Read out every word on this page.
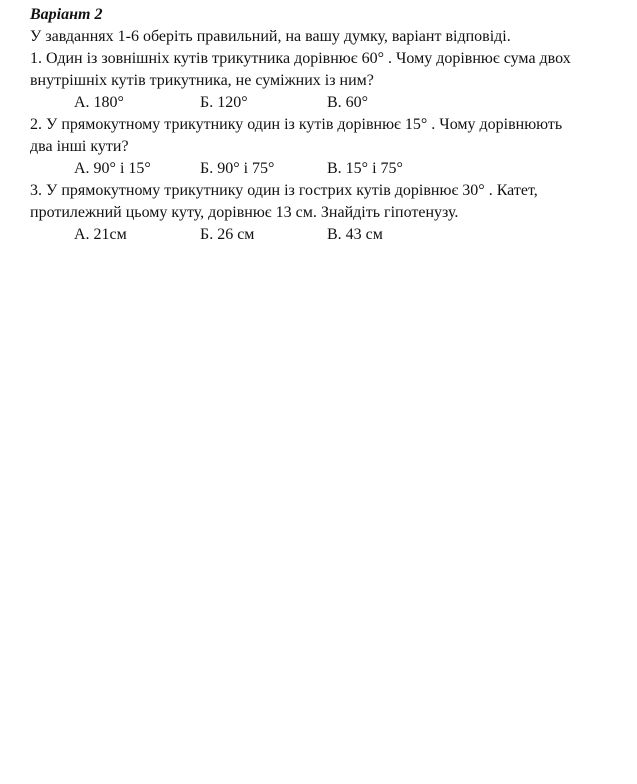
Варіант 2

У завданнях 1-6 оберіть правильний, на вашу думку, варіант відповіді.

1. Один із зовнішніх кутів трикутника дорівнює 60° . Чому дорівнює сума двох

внутрішніх кутів трикутника, не суміжних із ним?

А. 180°	Б. 120°	В. 60°

2. У прямокутному трикутнику один із кутів дорівнює 15° . Чому дорівнюють

два інші кути?

А. 90° і 15°	Б. 90° і 75°	В. 15° і 75°

3. У прямокутному трикутнику один із гострих кутів дорівнює 30° . Катет,

протилежний цьому куту, дорівнює 13 см. Знайдіть гіпотенузу.

А. 21см	Б. 26 см	В. 43 см
